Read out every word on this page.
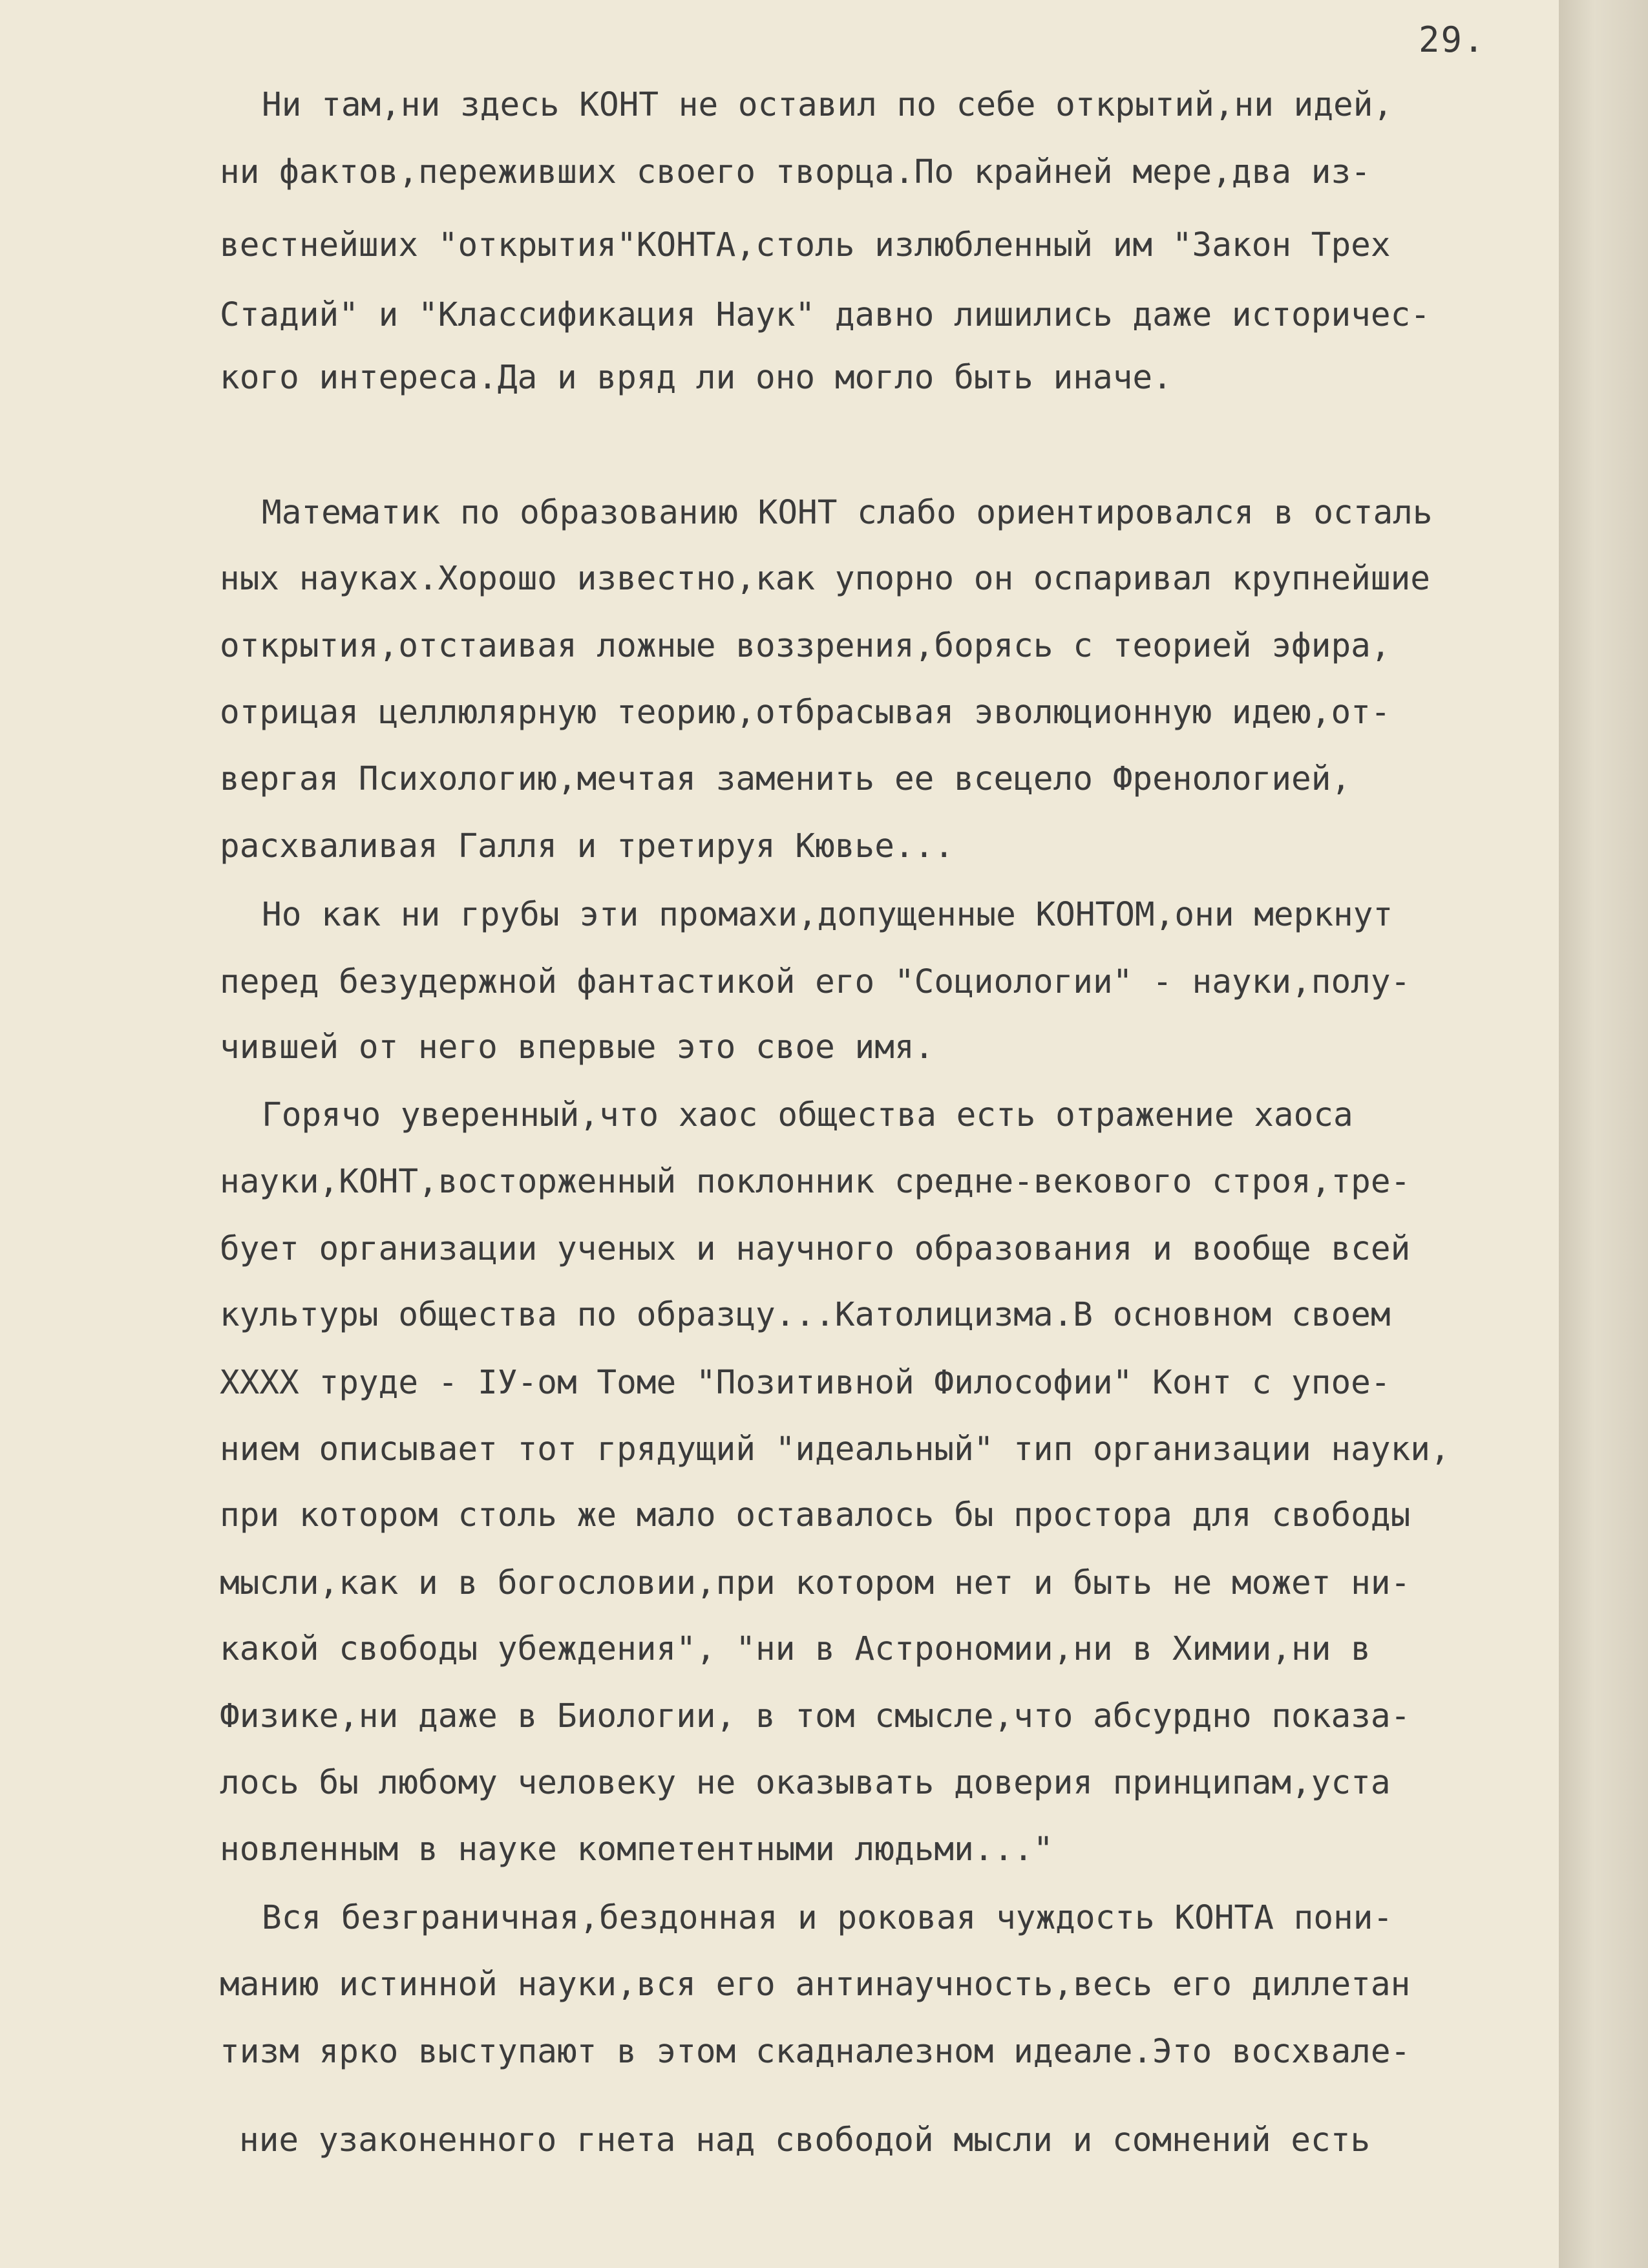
29.
Ни там,ни здесь КОНТ не оставил по себе открытий,ни идей,
ни фактов,переживших своего творца.По крайней мере,два из-
вестнейших "открытия"КОНТА,столь излюбленный им "Закон Трех
Стадий" и "Классификация Наук" давно лишились даже историчес-
кого интереса.Да и вряд ли оно могло быть иначе.
Математик по образованию КОНТ слабо ориентировался в осталь
ных науках.Хорошо известно,как упорно он оспаривал крупнейшие
открытия,отстаивая ложные воззрения,борясь с теорией эфира,
отрицая целлюлярную теорию,отбрасывая эволюционную идею,от-
вергая Психологию,мечтая заменить ее всецело Френологией,
расхваливая Галля и третируя Кювье...
Но как ни грубы эти промахи,допущенные КОНТОМ,они меркнут
перед безудержной фантастикой его "Социологии" - науки,полу-
чившей от него впервые это свое имя.
Горячо уверенный,что хаос общества есть отражение хаоса
науки,КОНТ,восторженный поклонник средне-векового строя,тре-
бует организации ученых и научного образования и вообще всей
культуры общества по образцу...Католицизма.В основном своем
XXXX труде - IУ-ом Томе "Позитивной Философии" Конт с упое-
нием описывает тот грядущий "идеальный" тип организации науки,
при котором столь же мало оставалось бы простора для свободы
мысли,как и в богословии,при котором нет и быть не может ни-
какой свободы убеждения", "ни в Астрономии,ни в Химии,ни в
Физике,ни даже в Биологии, в том смысле,что абсурдно показа-
лось бы любому человеку не оказывать доверия принципам,уста
новленным в науке компетентными людьми..."
Вся безграничная,бездонная и роковая чуждость КОНТА пони-
манию истинной науки,вся его антинаучность,весь его диллетан
тизм ярко выступают в этом скадналезном идеале.Это восхвале-
ние узаконенного гнета над свободой мысли и сомнений есть
